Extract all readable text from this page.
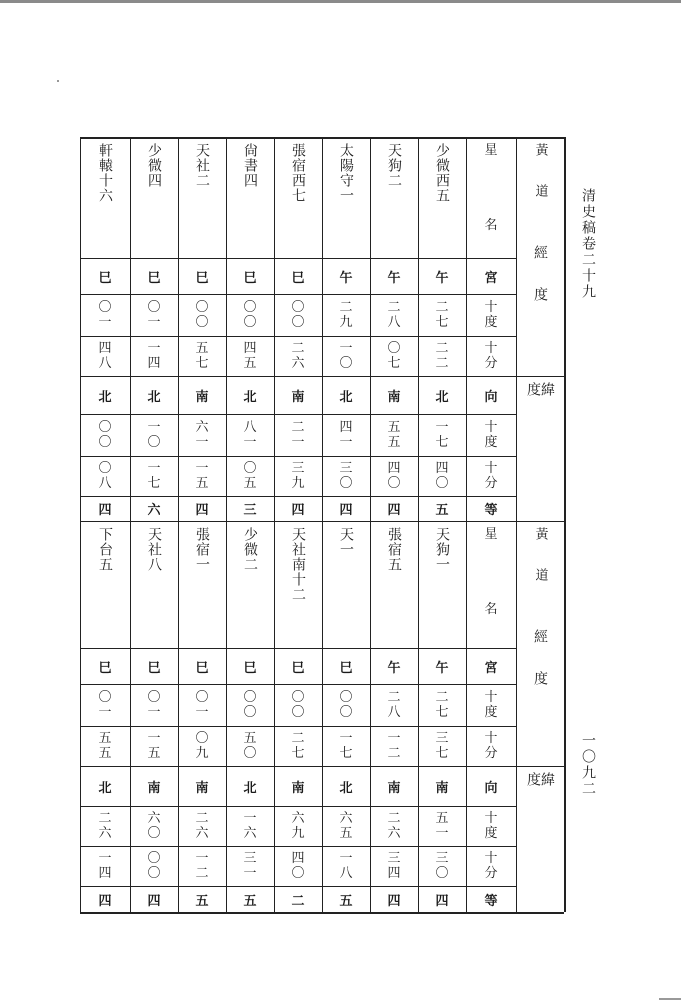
清史稿卷二十九
一〇九二
黃道
經度
緯度
星
名
宮
十
度
十
分
向
十
度
十
分
等
少微西五
午
二
七
二
二
北
一
七
四
〇
五
天狗二
午
二
八
〇
七
南
五
五
四
〇
四
太陽守一
午
二
九
一
〇
北
四
一
三
〇
四
張宿西七
巳
〇
〇
二
六
南
二
一
三
九
四
尙書四
巳
〇
〇
四
五
北
八
一
〇
五
三
天社二
巳
〇
〇
五
七
南
六
一
一
五
四
少微四
巳
〇
一
一
四
北
一
〇
一
七
六
軒轅十六
巳
〇
一
四
八
北
〇
〇
〇
八
四
黃道
經度
緯度
星
名
宮
十
度
十
分
向
十
度
十
分
等
天狗一
午
二
七
三
七
南
五
一
三
〇
四
張宿五
午
二
八
一
二
南
二
六
三
四
四
天一
巳
〇
〇
一
七
北
六
五
一
八
五
天社南十二
巳
〇
〇
二
七
南
六
九
四
〇
二
少微二
巳
〇
〇
五
〇
北
一
六
三
一
五
張宿一
巳
〇
一
〇
九
南
二
六
一
二
五
天社八
巳
〇
一
一
五
南
六
〇
〇
〇
四
下台五
巳
〇
一
五
五
北
二
六
一
四
四
